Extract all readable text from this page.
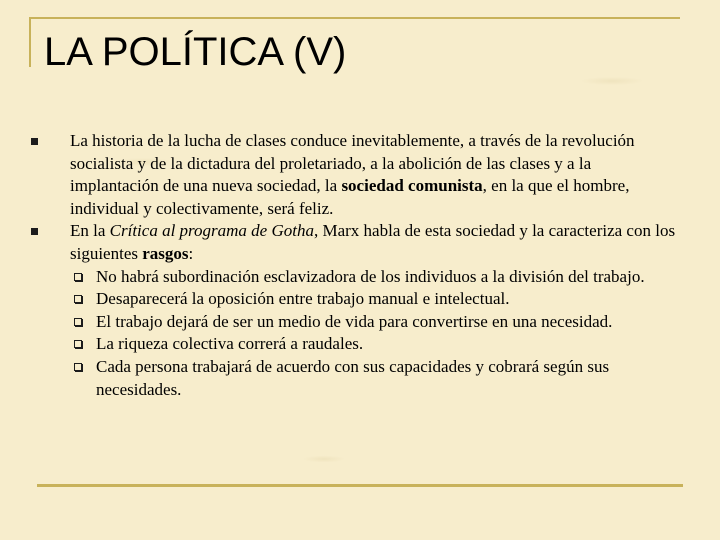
LA POLÍTICA (V)
La historia de la lucha de clases conduce inevitablemente, a través de la revolución socialista y de la dictadura del proletariado, a la abolición de las clases y a la implantación de una nueva sociedad, la sociedad comunista, en la que el hombre, individual y colectivamente, será feliz.
En la Crítica al programa de Gotha, Marx habla de esta sociedad y la caracteriza con los siguientes rasgos:
No habrá subordinación esclavizadora de los individuos a la división del trabajo.
Desaparecerá la oposición entre trabajo manual e intelectual.
El trabajo dejará de ser un medio de vida para convertirse en una necesidad.
La riqueza colectiva correrá a raudales.
Cada persona trabajará de acuerdo con sus capacidades y cobrará según sus necesidades.
